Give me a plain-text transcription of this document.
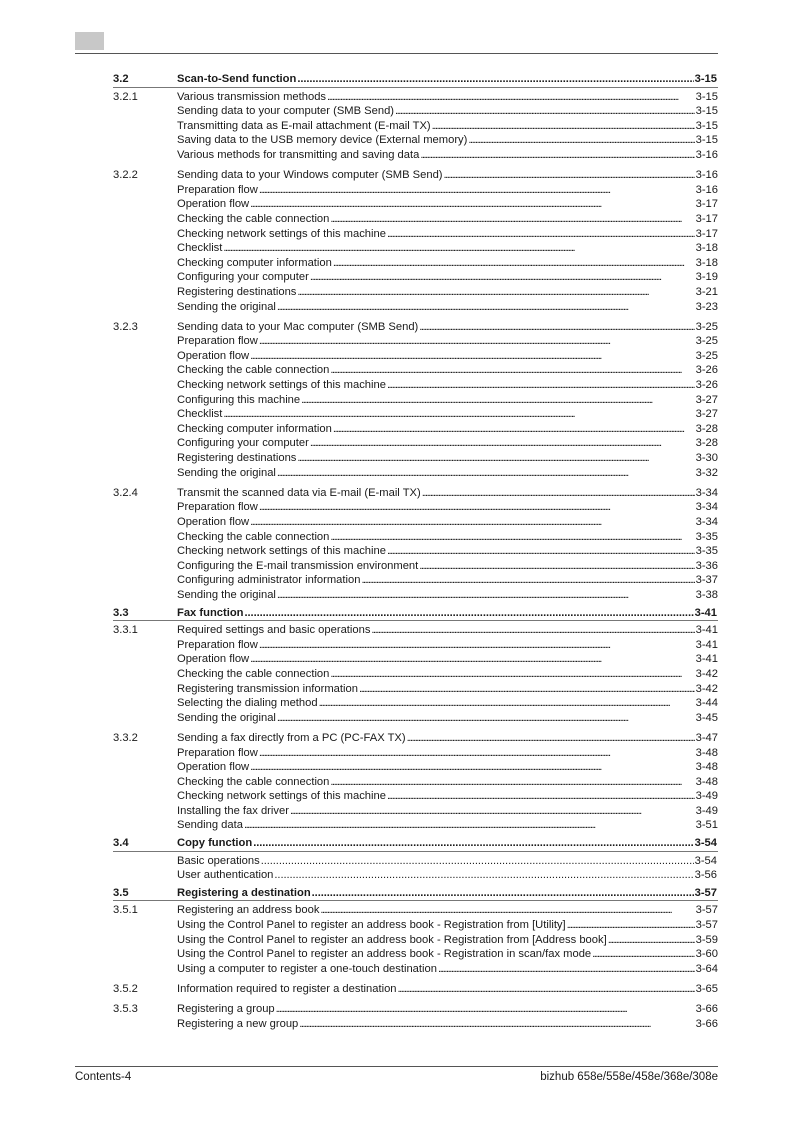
3.2	Scan-to-Send function . . .	3-15
3.2.1	Various transmission methods . . .	3-15
Sending data to your computer (SMB Send) . . .	3-15
Transmitting data as E-mail attachment (E-mail TX) . . .	3-15
Saving data to the USB memory device (External memory) . . .	3-15
Various methods for transmitting and saving data . . .	3-16
3.2.2	Sending data to your Windows computer (SMB Send) . . .	3-16
Preparation flow . . .	3-16
Operation flow . . .	3-17
Checking the cable connection . . .	3-17
Checking network settings of this machine . . .	3-17
Checklist . . .	3-18
Checking computer information . . .	3-18
Configuring your computer . . .	3-19
Registering destinations . . .	3-21
Sending the original . . .	3-23
3.2.3	Sending data to your Mac computer (SMB Send) . . .	3-25
Preparation flow . . .	3-25
Operation flow . . .	3-25
Checking the cable connection . . .	3-26
Checking network settings of this machine . . .	3-26
Configuring this machine . . .	3-27
Checklist . . .	3-27
Checking computer information . . .	3-28
Configuring your computer . . .	3-28
Registering destinations . . .	3-30
Sending the original . . .	3-32
3.2.4	Transmit the scanned data via E-mail (E-mail TX) . . .	3-34
Preparation flow . . .	3-34
Operation flow . . .	3-34
Checking the cable connection . . .	3-35
Checking network settings of this machine . . .	3-35
Configuring the E-mail transmission environment . . .	3-36
Configuring administrator information . . .	3-37
Sending the original . . .	3-38
3.3	Fax function . . .	3-41
3.3.1	Required settings and basic operations . . .	3-41
Preparation flow . . .	3-41
Operation flow . . .	3-41
Checking the cable connection . . .	3-42
Registering transmission information . . .	3-42
Selecting the dialing method . . .	3-44
Sending the original . . .	3-45
3.3.2	Sending a fax directly from a PC (PC-FAX TX) . . .	3-47
Preparation flow . . .	3-48
Operation flow . . .	3-48
Checking the cable connection . . .	3-48
Checking network settings of this machine . . .	3-49
Installing the fax driver . . .	3-49
Sending data . . .	3-51
3.4	Copy function . . .	3-54
Basic operations . . .	3-54
User authentication . . .	3-56
3.5	Registering a destination . . .	3-57
3.5.1	Registering an address book . . .	3-57
Using the Control Panel to register an address book - Registration from [Utility] . . .	3-57
Using the Control Panel to register an address book - Registration from [Address book] . . .	3-59
Using the Control Panel to register an address book - Registration in scan/fax mode . . .	3-60
Using a computer to register a one-touch destination . . .	3-64
3.5.2	Information required to register a destination . . .	3-65
3.5.3	Registering a group . . .	3-66
Registering a new group . . .	3-66
Contents-4	bizhub 658e/558e/458e/368e/308e
